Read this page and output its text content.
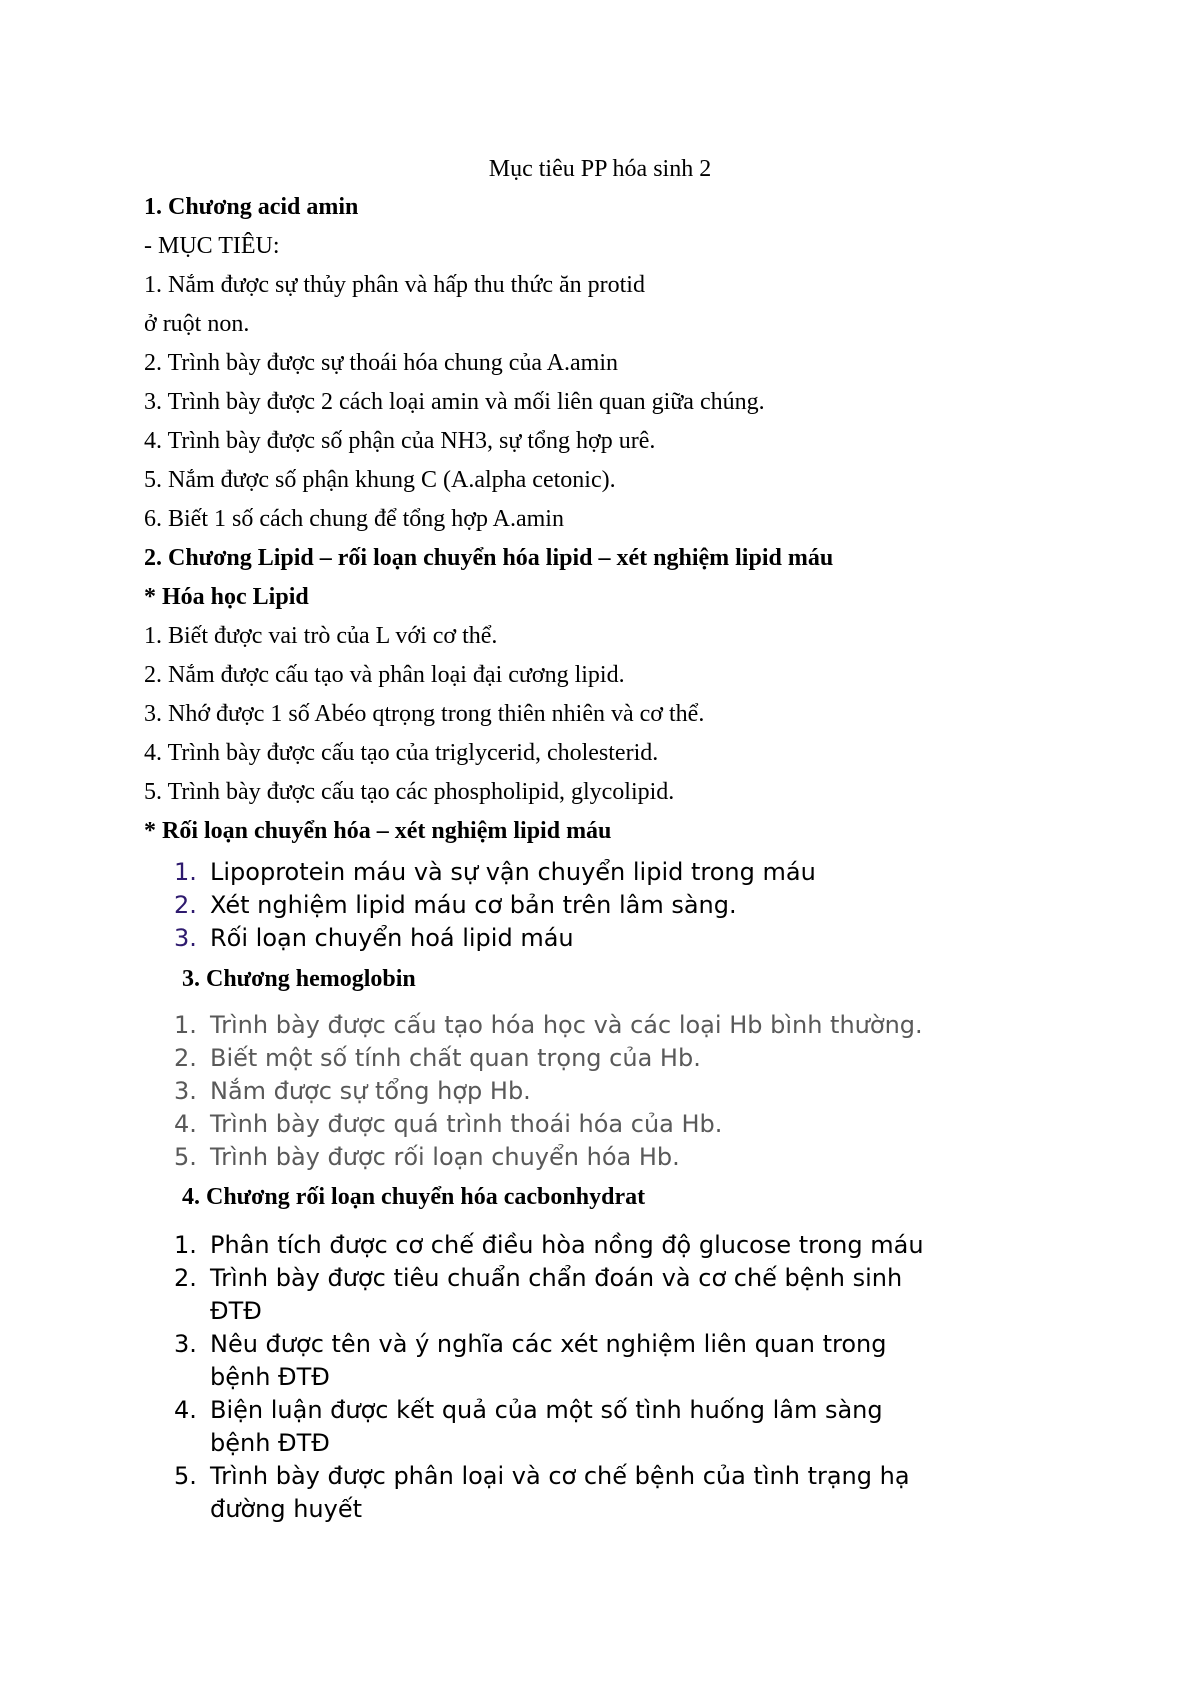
Mục tiêu PP hóa sinh 2
1. Chương acid amin
- MỤC TIÊU:
1. Nắm được sự thủy phân và hấp thu thức ăn protid
ở ruột non.
2. Trình bày được sự thoái hóa chung của A.amin
3. Trình bày được 2 cách loại amin và mối liên quan giữa chúng.
4. Trình bày được số phận của NH3, sự tổng hợp urê.
5. Nắm được số phận khung C (A.alpha cetonic).
6. Biết 1 số cách chung để tổng hợp A.amin
2. Chương Lipid – rối loạn chuyển hóa lipid – xét nghiệm lipid máu
* Hóa học Lipid
1. Biết được vai trò của L với cơ thể.
2. Nắm được cấu tạo và phân loại đại cương lipid.
3. Nhớ được 1 số Abéo qtrọng trong thiên nhiên và cơ thể.
4. Trình bày được cấu tạo của triglycerid, cholesterid.
5. Trình bày được cấu tạo các phospholipid, glycolipid.
* Rối loạn chuyển hóa – xét nghiệm lipid máu
1. Lipoprotein máu và sự vận chuyển lipid trong máu
2. Xét nghiệm lipid máu cơ bản trên lâm sàng.
3. Rối loạn chuyển hoá lipid máu
3. Chương hemoglobin
1. Trình bày được cấu tạo hóa học và các loại Hb bình thường.
2. Biết một số tính chất quan trọng của Hb.
3. Nắm được sự tổng hợp Hb.
4. Trình bày được quá trình thoái hóa của Hb.
5. Trình bày được rối loạn chuyển hóa Hb.
4. Chương rối loạn chuyển hóa cacbonhydrat
1. Phân tích được cơ chế điều hòa nồng độ glucose trong máu
2. Trình bày được tiêu chuẩn chẩn đoán và cơ chế bệnh sinh
ĐTĐ
3. Nêu được tên và ý nghĩa các xét nghiệm liên quan trong
bệnh ĐTĐ
4. Biện luận được kết quả của một số tình huống lâm sàng
bệnh ĐTĐ
5. Trình bày được phân loại và cơ chế bệnh của tình trạng hạ
đường huyết
